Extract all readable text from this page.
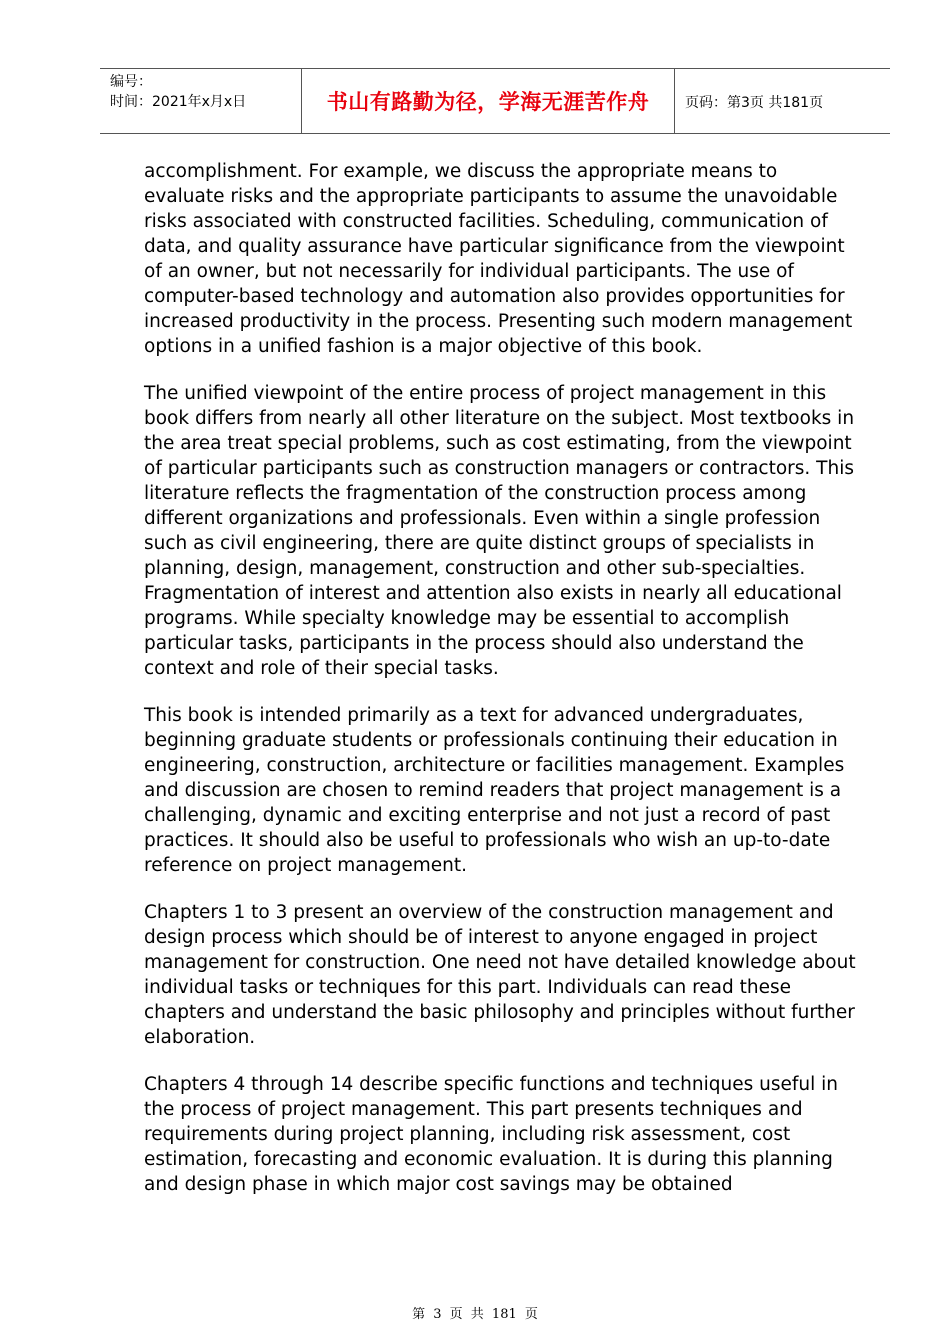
编号：
时间：2021年x月x日	书山有路勤为径，学海无涯苦作舟	页码：第3页 共181页

accomplishment. For example, we discuss the appropriate means to evaluate risks and the appropriate participants to assume the unavoidable risks associated with constructed facilities. Scheduling, communication of data, and quality assurance have particular significance from the viewpoint of an owner, but not necessarily for individual participants. The use of computer-based technology and automation also provides opportunities for increased productivity in the process. Presenting such modern management options in a unified fashion is a major objective of this book.

The unified viewpoint of the entire process of project management in this book differs from nearly all other literature on the subject. Most textbooks in the area treat special problems, such as cost estimating, from the viewpoint of particular participants such as construction managers or contractors. This literature reflects the fragmentation of the construction process among different organizations and professionals. Even within a single profession such as civil engineering, there are quite distinct groups of specialists in planning, design, management, construction and other sub-specialties. Fragmentation of interest and attention also exists in nearly all educational programs. While specialty knowledge may be essential to accomplish particular tasks, participants in the process should also understand the context and role of their special tasks.

This book is intended primarily as a text for advanced undergraduates, beginning graduate students or professionals continuing their education in engineering, construction, architecture or facilities management. Examples and discussion are chosen to remind readers that project management is a challenging, dynamic and exciting enterprise and not just a record of past practices. It should also be useful to professionals who wish an up-to-date reference on project management.

Chapters 1 to 3 present an overview of the construction management and design process which should be of interest to anyone engaged in project management for construction. One need not have detailed knowledge about individual tasks or techniques for this part. Individuals can read these chapters and understand the basic philosophy and principles without further elaboration.

Chapters 4 through 14 describe specific functions and techniques useful in the process of project management. This part presents techniques and requirements during project planning, including risk assessment, cost estimation, forecasting and economic evaluation. It is during this planning and design phase in which major cost savings may be obtained

第 3 页 共 181 页
